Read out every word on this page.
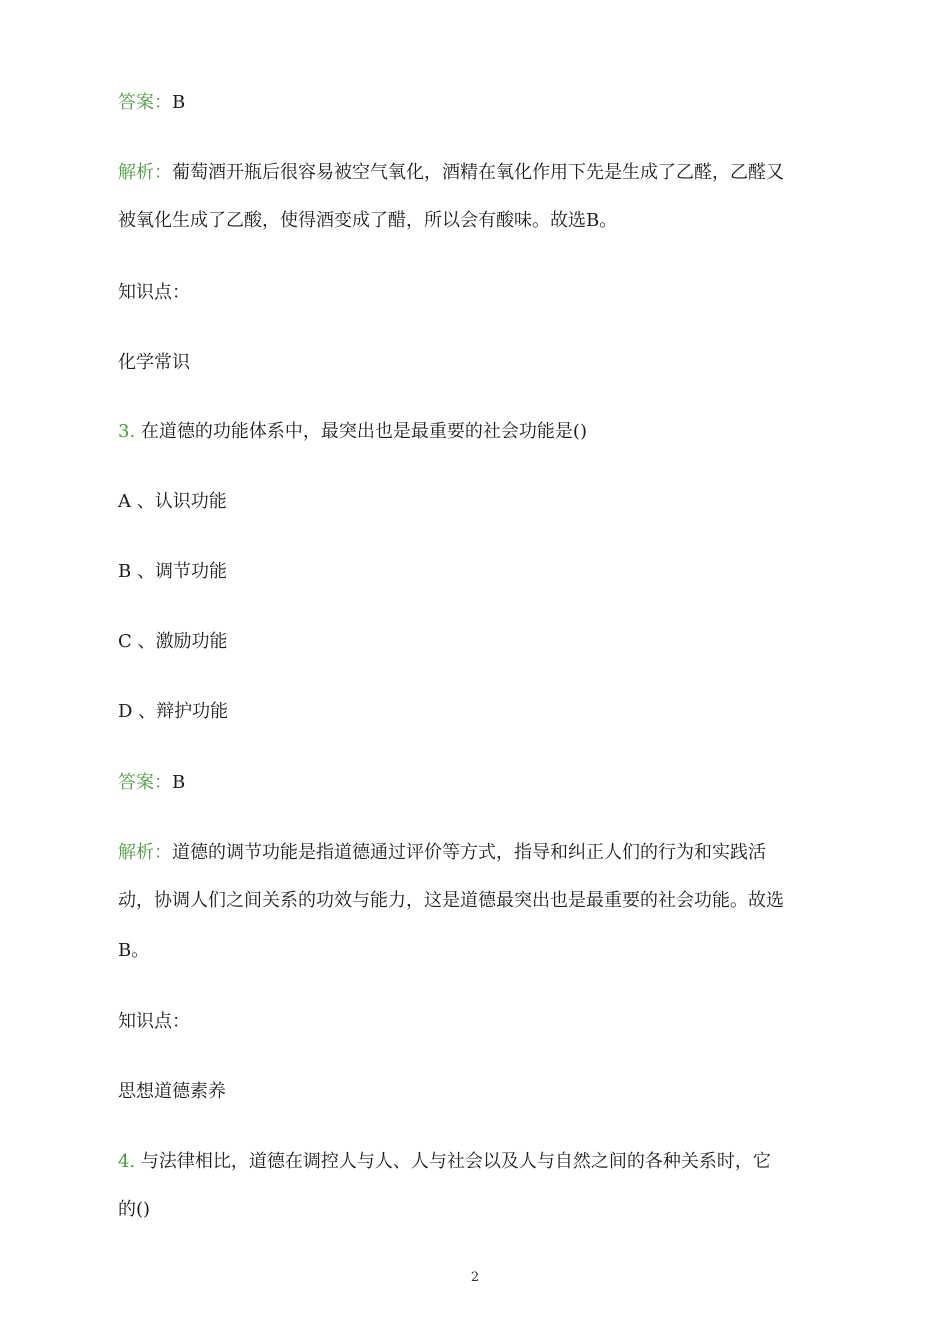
答案：B
解析：葡萄酒开瓶后很容易被空气氧化，酒精在氧化作用下先是生成了乙醛，乙醛又
被氧化生成了乙酸，使得酒变成了醋，所以会有酸味。故选B。
知识点：
化学常识
3. 在道德的功能体系中，最突出也是最重要的社会功能是()
A 、认识功能
B 、调节功能
C 、激励功能
D 、辩护功能
答案：B
解析：道德的调节功能是指道德通过评价等方式，指导和纠正人们的行为和实践活
动，协调人们之间关系的功效与能力，这是道德最突出也是最重要的社会功能。故选
B。
知识点：
思想道德素养
4. 与法律相比，道德在调控人与人、人与社会以及人与自然之间的各种关系时，它
的()
2
